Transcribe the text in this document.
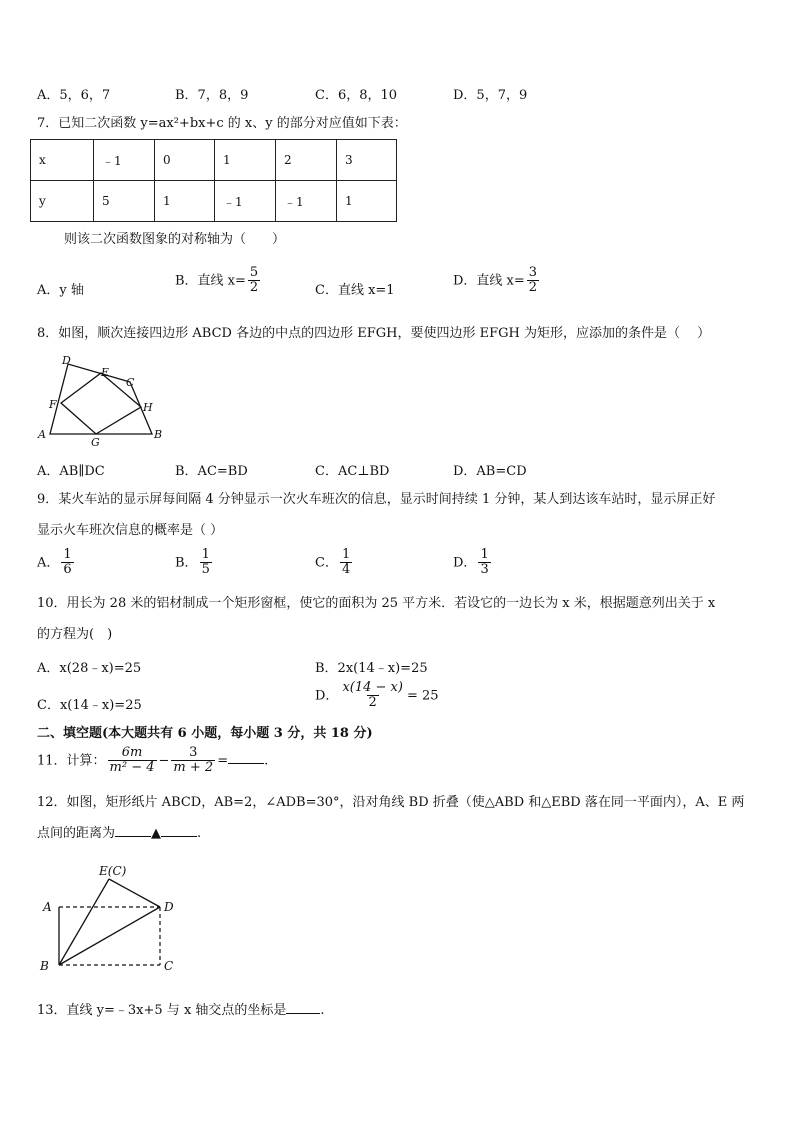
A．5，6，7	B．7，8，9	C．6，8，10	D．5，7，9
7．已知二次函数 y=ax²+bx+c 的 x、y 的部分对应值如下表：
x	﹣1	0	1	2	3
y	5	1	﹣1	﹣1	1
则该二次函数图象的对称轴为（　　）
A．y 轴
B．直线 $x= \frac{5}{2}$	C．直线 x=1
D．直线 $x= \frac{3}{2}$
8．如图，顺次连接四边形 ABCD 各边的中点的四边形 EFGH，要使四边形 EFGH 为矩形，应添加的条件是（　 ）
D
E
C
F	H
A
G
B
A．AB∥DC	B．AC=BD	C．AC⊥BD	D．AB=CD
9．某火车站的显示屏每间隔 4 分钟显示一次火车班次的信息，显示时间持续 1 分钟，某人到达该车站时，显示屏正好
显示火车班次信息的概率是（ ）
A． $\frac{1}{6}$	B． $\frac{1}{5}$	C． $\frac{1}{4}$	D． $\frac{1}{3}$
10．用长为 28 米的铝材制成一个矩形窗框，使它的面积为 25 平方米．若设它的一边长为 x 米，根据题意列出关于 x
的方程为(　)
A．x(28﹣x)=25	B．2x(14﹣x)=25
C．x(14﹣x)=25
D． $\frac{x(14 - x)}{2} = 25$
二、填空题(本大题共有 6 小题，每小题 3 分，共 18 分)
11．计算： $\frac{6m}{\text{m² − 4}} - \frac{3}{m + 2}$ =	.
12．如图，矩形纸片 ABCD，AB=2，∠ADB=30°，沿对角线 BD 折叠（使△ABD 和△EBD 落在同一平面内），A、E 两
点间的距离为	▲	.
E(C)
A	D
B	C
13．直线 y=﹣3x+5 与 x 轴交点的坐标是	.
